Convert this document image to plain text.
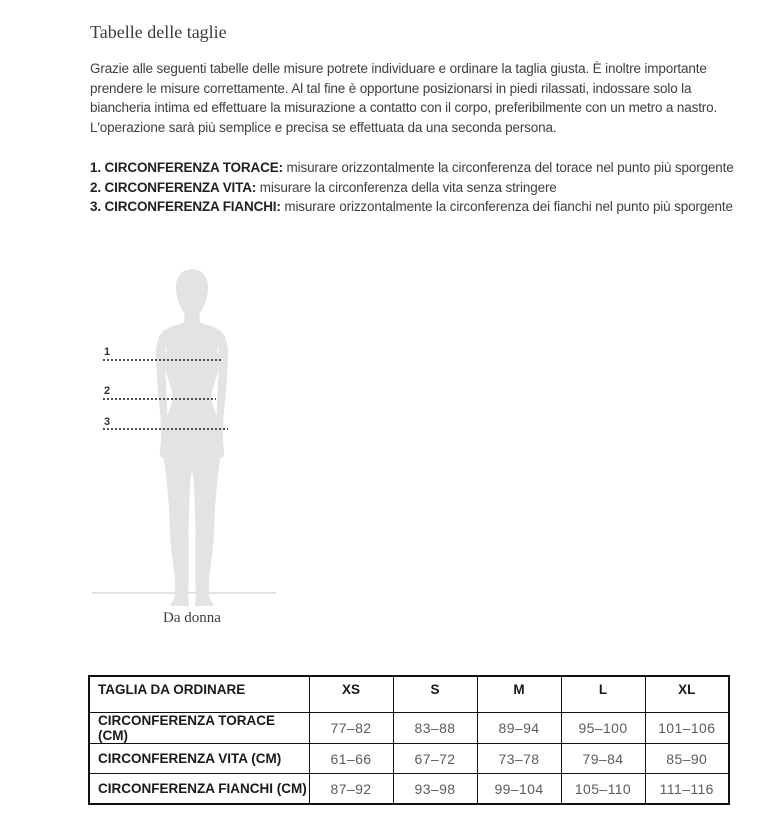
Tabelle delle taglie

Grazie alle seguenti tabelle delle misure potrete individuare e ordinare la taglia giusta. È inoltre importante prendere le misure correttamente. Al tal fine è opportune posizionarsi in piedi rilassati, indossare solo la biancheria intima ed effettuare la misurazione a contatto con il corpo, preferibilmente con un metro a nastro. L'operazione sarà più semplice e precisa se effettuata da una seconda persona.

1. CIRCONFERENZA TORACE: misurare orizzontalmente la circonferenza del torace nel punto più sporgente

2. CIRCONFERENZA VITA: misurare la circonferenza della vita senza stringere

3. CIRCONFERENZA FIANCHI: misurare orizzontalmente la circonferenza dei fianchi nel punto più sporgente

1
2
3

Da donna

TAGLIA DA ORDINARE	XS	S	M	L	XL
CIRCONFERENZA TORACE (CM)	77–82	83–88	89–94	95–100	101–106
CIRCONFERENZA VITA (CM)	61–66	67–72	73–78	79–84	85–90
CIRCONFERENZA FIANCHI (CM)	87–92	93–98	99–104	105–110	111–116
